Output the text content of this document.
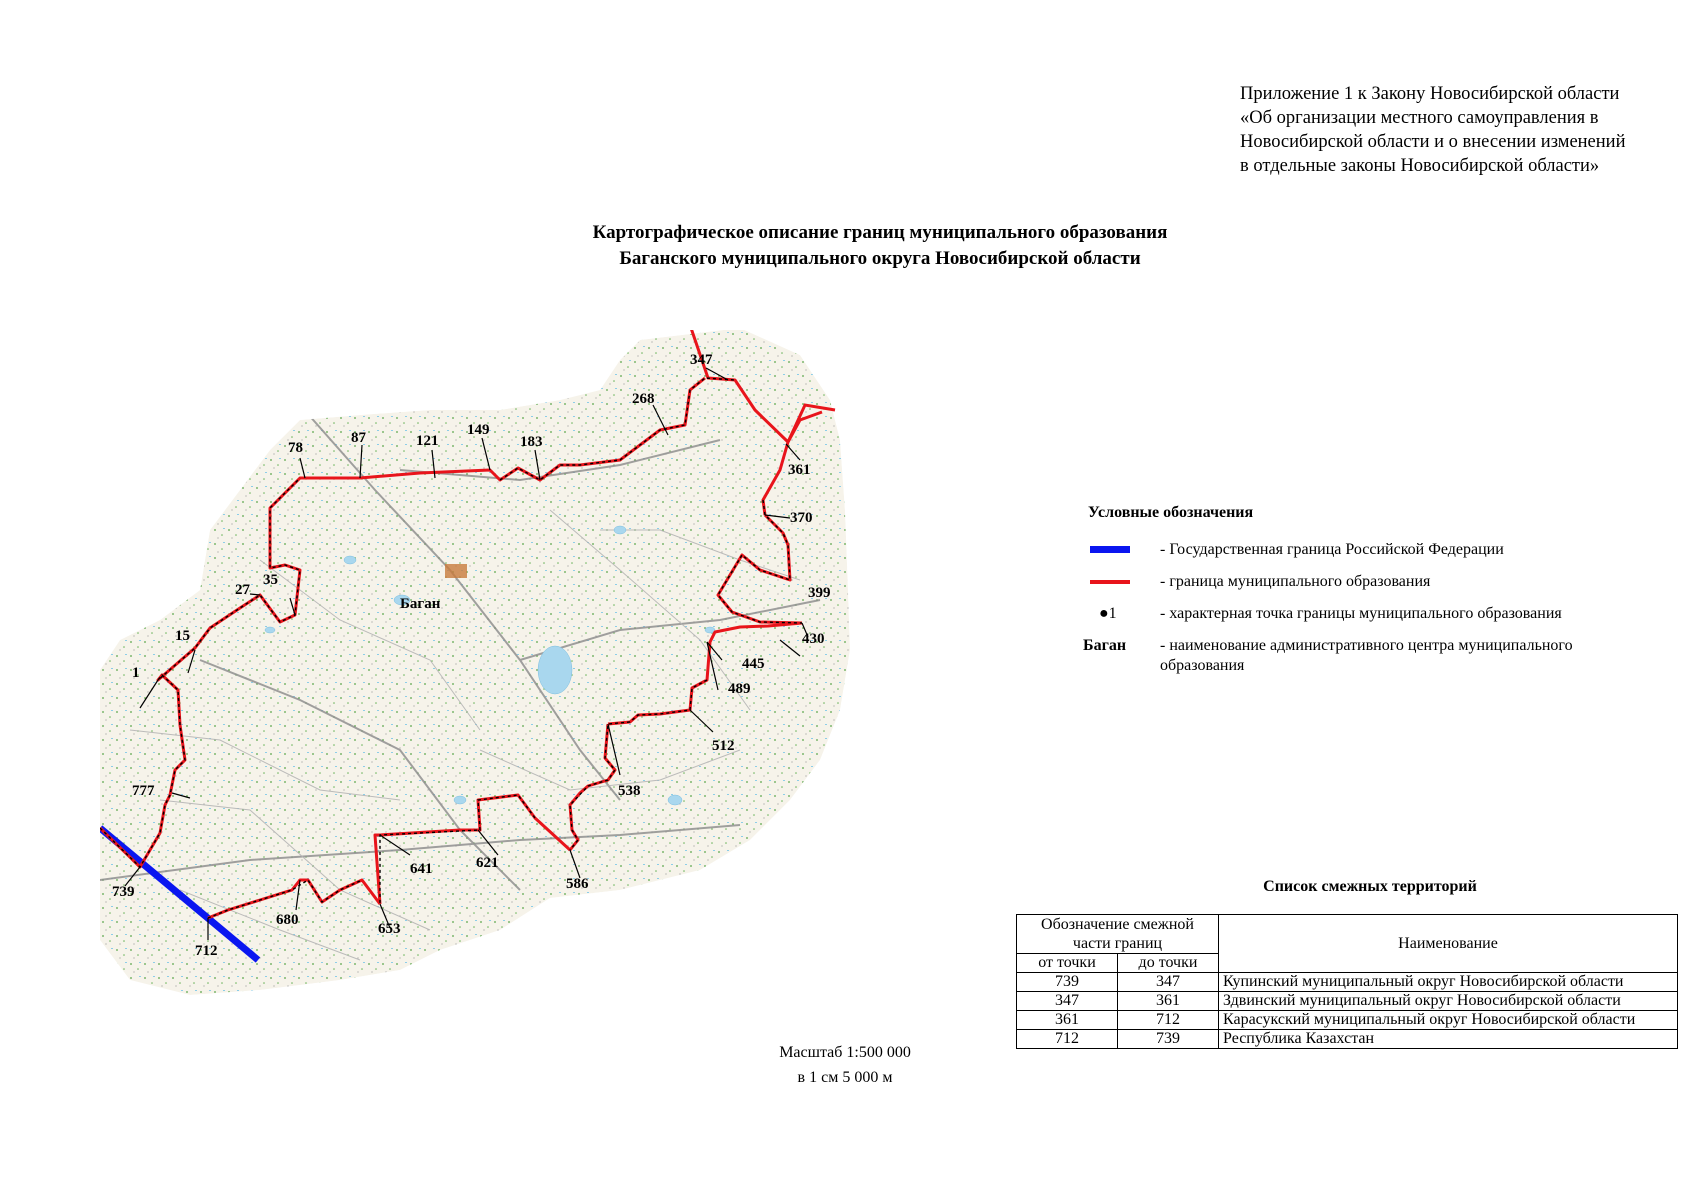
Приложение 1 к Закону Новосибирской области
«Об организации местного самоуправления в
Новосибирской области и о внесении изменений
в отдельные законы Новосибирской области»
Картографическое описание границ муниципального образования
Баганского муниципального округа Новосибирской области
347
268
361
183
149
121
87
78
370
399
430
445
489
512
538
586
621
641
653
680
712
739
777
1
15
27
35
Баган
Условные обозначения
- Государственная граница Российской Федерации
- граница муниципального образования
●1	- характерная точка границы муниципального образования
Баган	- наименование административного центра муниципального образования
Масштаб 1:500 000
в 1 см 5 000 м
Список смежных территорий
Обозначение смежной части границ		Наименование
от точки	до точки	
739	347	Купинский муниципальный округ Новосибирской области
347	361	Здвинский муниципальный округ Новосибирской области
361	712	Карасукский муниципальный округ Новосибирской области
712	739	Республика Казахстан
